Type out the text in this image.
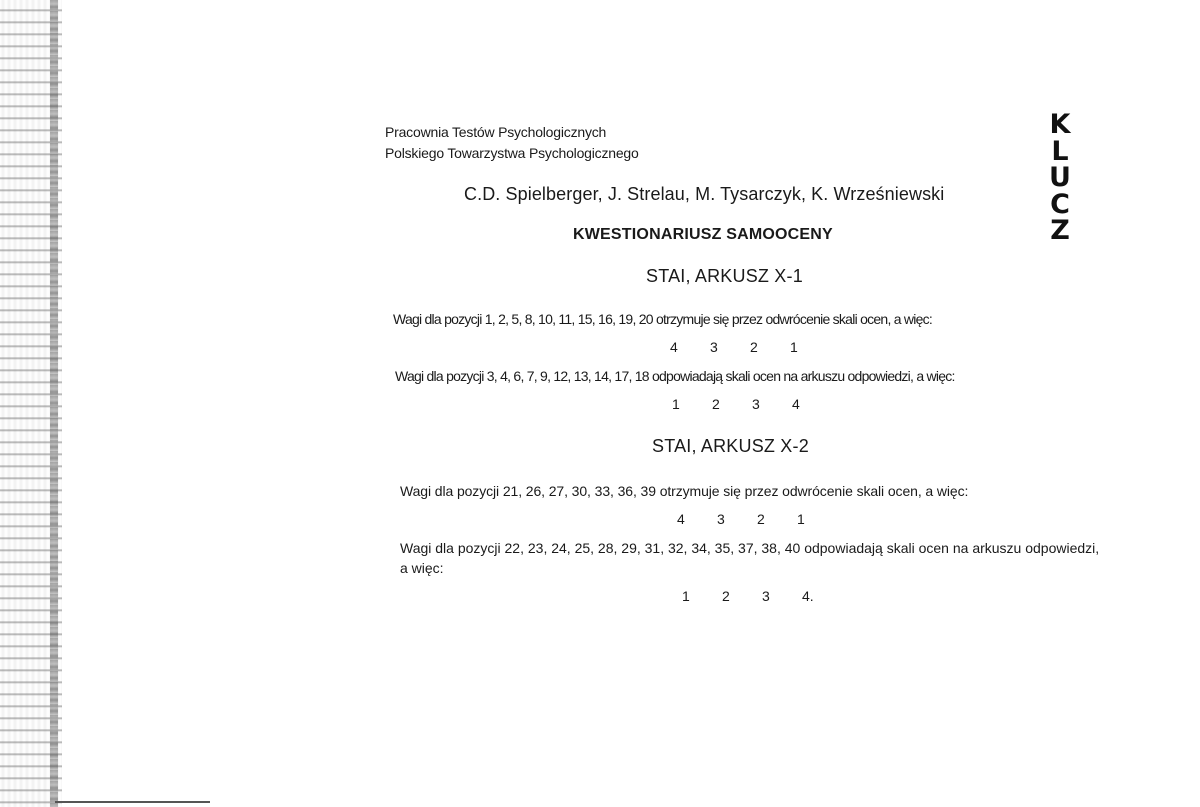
Pracownia Testów Psychologicznych
Polskiego Towarzystwa Psychologicznego
C.D. Spielberger, J. Strelau, M. Tysarczyk, K. Wrześniewski
KWESTIONARIUSZ SAMOOCENY
K
L
U
C
Z
STAI, ARKUSZ X-1
Wagi dla pozycji 1, 2, 5, 8, 10, 11, 15, 16, 19, 20 otrzymuje się przez odwrócenie skali ocen, a więc:
4 3 2 1
Wagi dla pozycji 3, 4, 6, 7, 9, 12, 13, 14, 17, 18 odpowiadają skali ocen na arkuszu odpowiedzi, a więc:
1 2 3 4
STAI, ARKUSZ X-2
Wagi dla pozycji 21, 26, 27, 30, 33, 36, 39 otrzymuje się przez odwrócenie skali ocen, a więc:
4 3 2 1
Wagi dla pozycji 22, 23, 24, 25, 28, 29, 31, 32, 34, 35, 37, 38, 40 odpowiadają skali ocen na arkuszu odpowiedzi, a więc:
1 2 3 4.
